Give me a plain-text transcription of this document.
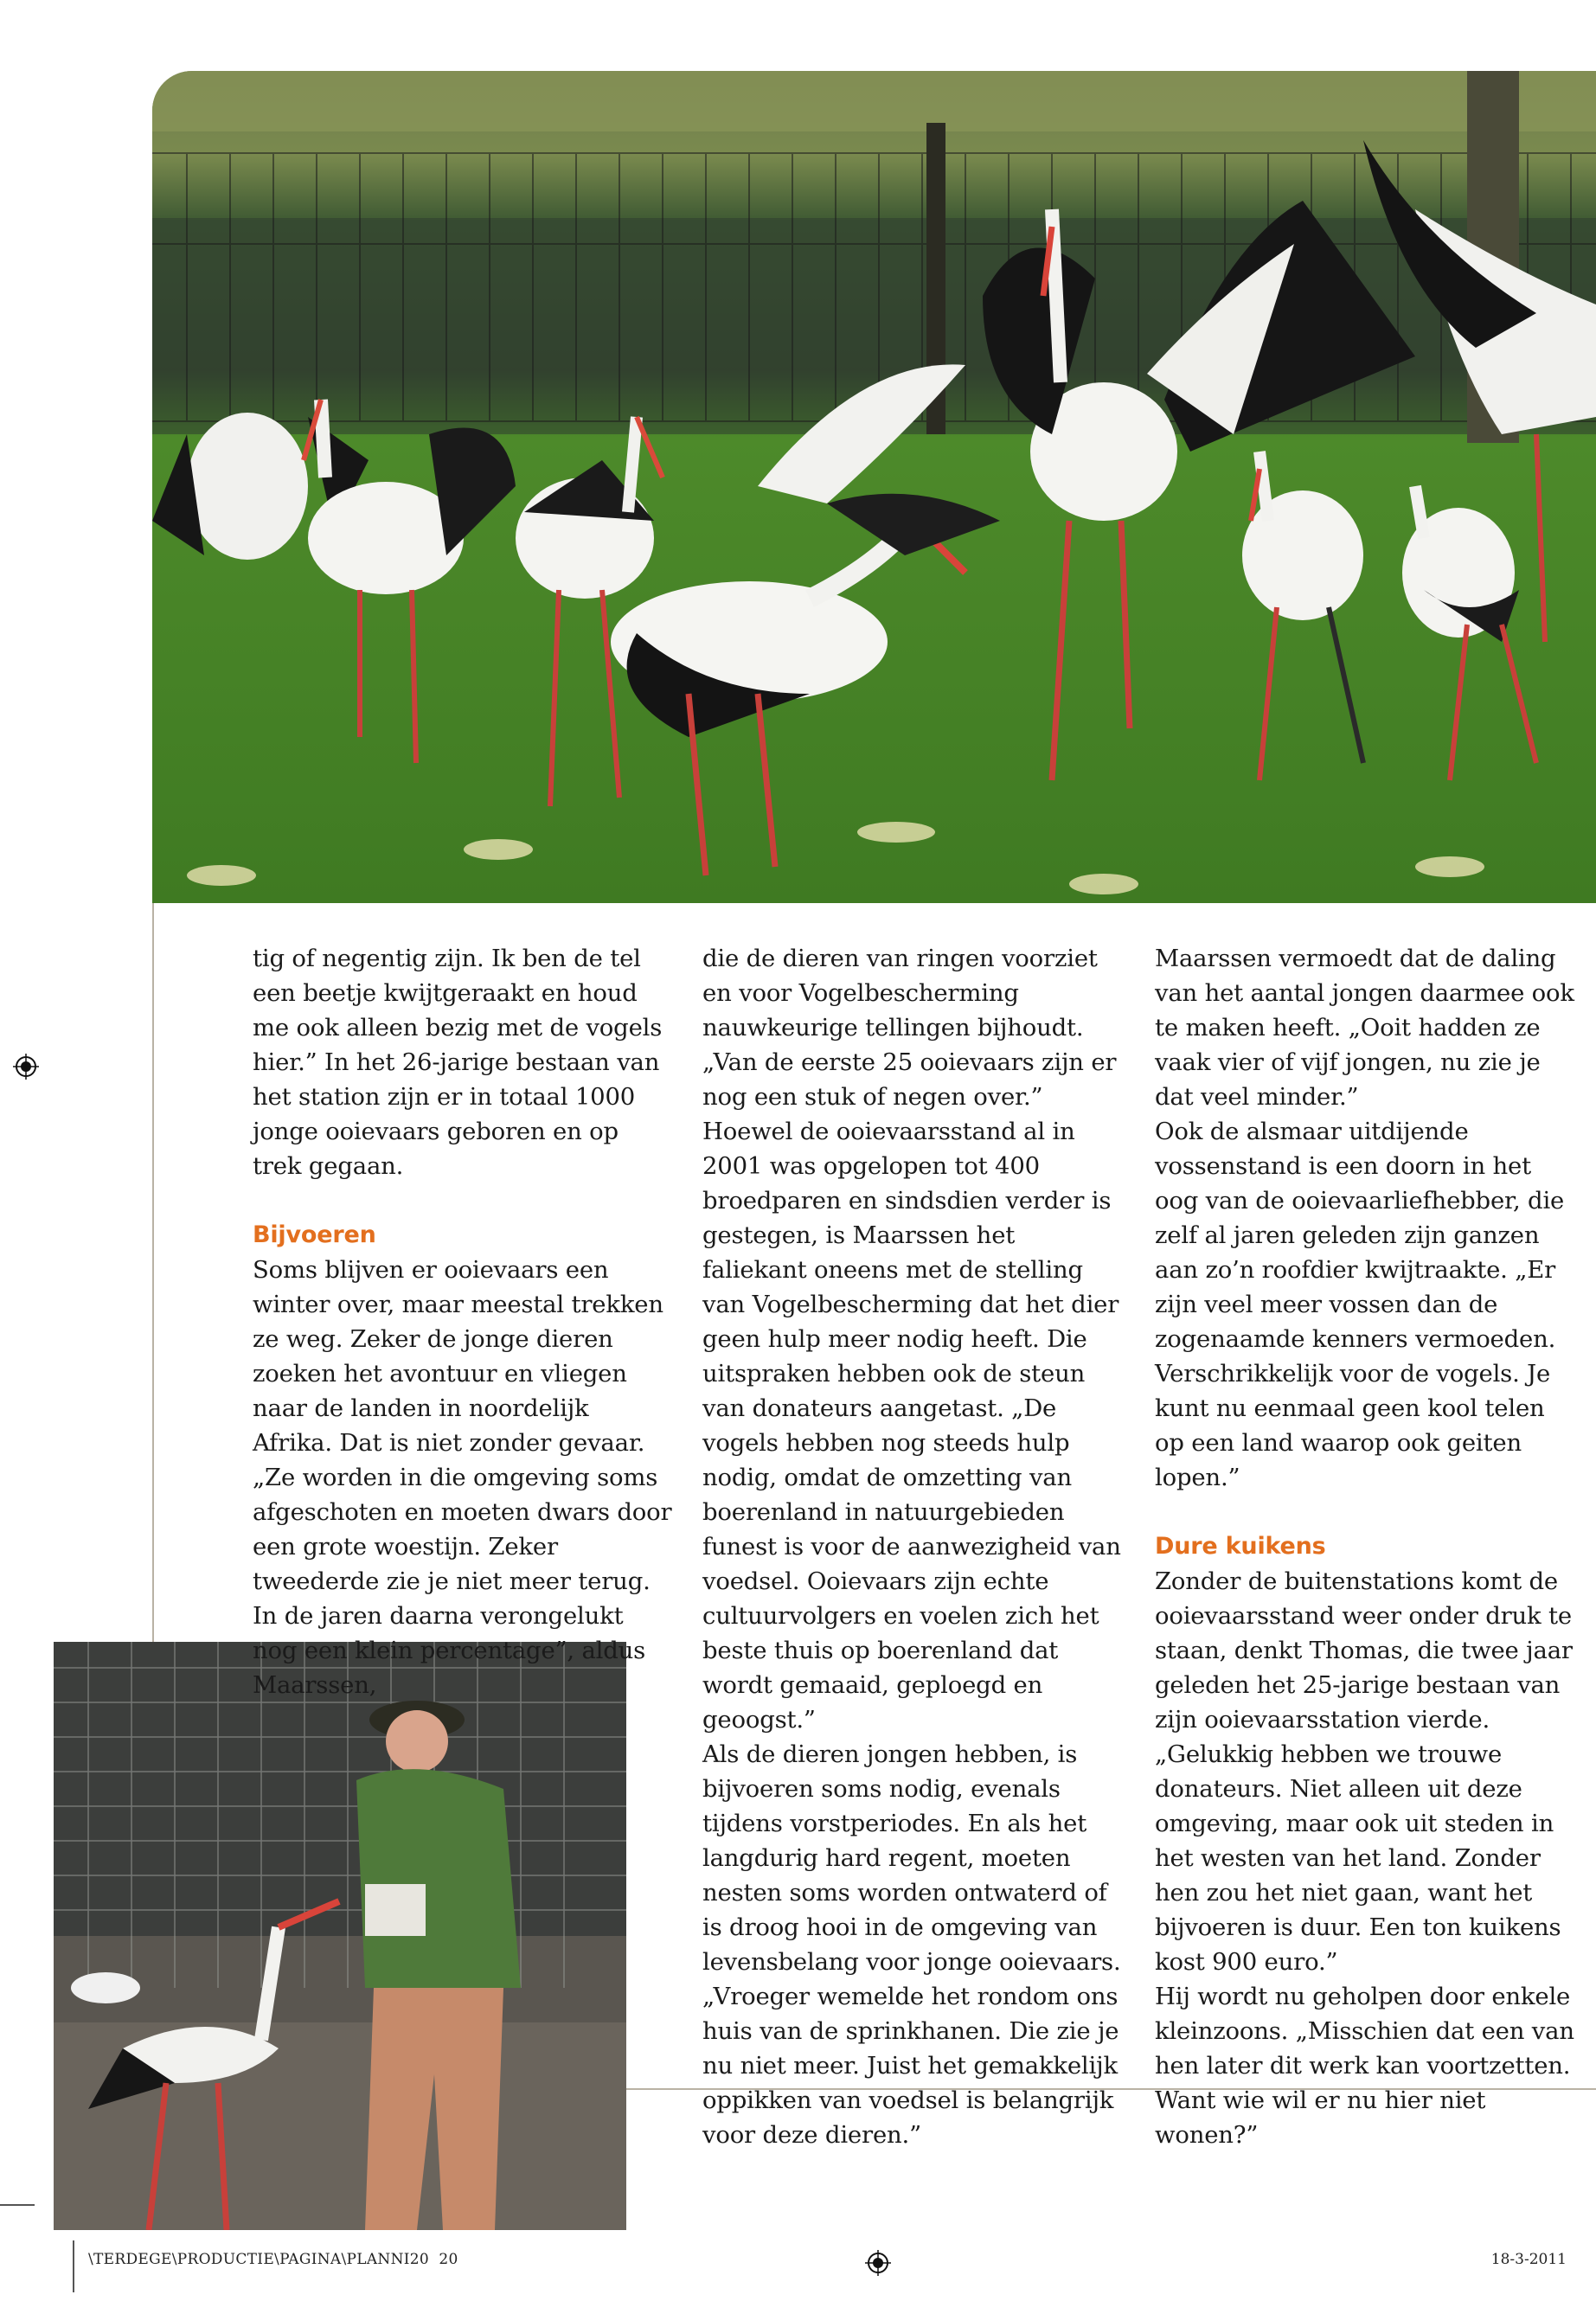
tig of negentig zijn. Ik ben de tel een beetje kwijtgeraakt en houd me ook alleen bezig met de vogels hier.” In het 26-jarige bestaan van het station zijn er in totaal 1000 jonge ooievaars geboren en op trek gegaan.

Bijvoeren

Soms blijven er ooievaars een winter over, maar meestal trekken ze weg. Zeker de jonge dieren zoeken het avontuur en vliegen naar de landen in noordelijk Afrika. Dat is niet zonder gevaar. „Ze worden in die omgeving soms afgeschoten en moeten dwars door een grote woestijn. Zeker tweederde zie je niet meer terug. In de jaren daarna verongelukt nog een klein percentage”, aldus Maarssen,

die de dieren van ringen voorziet en voor Vogelbescherming nauwkeurige tellingen bijhoudt. „Van de eerste 25 ooievaars zijn er nog een stuk of negen over.”

Hoewel de ooievaarsstand al in 2001 was opgelopen tot 400 broedparen en sindsdien verder is gestegen, is Maarssen het faliekant oneens met de stelling van Vogelbescherming dat het dier geen hulp meer nodig heeft. Die uitspraken hebben ook de steun van donateurs aangetast. „De vogels hebben nog steeds hulp nodig, omdat de omzetting van boerenland in natuurgebieden funest is voor de aanwezigheid van voedsel. Ooievaars zijn echte cultuurvolgers en voelen zich het beste thuis op boerenland dat wordt gemaaid, geploegd en geoogst.”

Als de dieren jongen hebben, is bijvoeren soms nodig, evenals tijdens vorstperiodes. En als het langdurig hard regent, moeten nesten soms worden ontwaterd of is droog hooi in de omgeving van levensbelang voor jonge ooievaars. „Vroeger wemelde het rondom ons huis van de sprinkhanen. Die zie je nu niet meer. Juist het gemakkelijk oppikken van voedsel is belangrijk voor deze dieren.”

Maarssen vermoedt dat de daling van het aantal jongen daarmee ook te maken heeft. „Ooit hadden ze vaak vier of vijf jongen, nu zie je dat veel minder.”

Ook de alsmaar uitdijende vossenstand is een doorn in het oog van de ooievaarliefhebber, die zelf al jaren geleden zijn ganzen aan zo’n roofdier kwijtraakte. „Er zijn veel meer vossen dan de zogenaamde kenners vermoeden. Verschrikkelijk voor de vogels. Je kunt nu eenmaal geen kool telen op een land waarop ook geiten lopen.”

Dure kuikens

Zonder de buitenstations komt de ooievaarsstand weer onder druk te staan, denkt Thomas, die twee jaar geleden het 25-jarige bestaan van zijn ooievaarsstation vierde. „Gelukkig hebben we trouwe donateurs. Niet alleen uit deze omgeving, maar ook uit steden in het westen van het land. Zonder hen zou het niet gaan, want het bijvoeren is duur. Een ton kuikens kost 900 euro.”

Hij wordt nu geholpen door enkele kleinzoons. „Misschien dat een van hen later dit werk kan voortzetten. Want wie wil er nu hier niet wonen?”

\TERDEGE\PRODUCTIE\PAGINA\PLANNI20 20	18-3-2011
